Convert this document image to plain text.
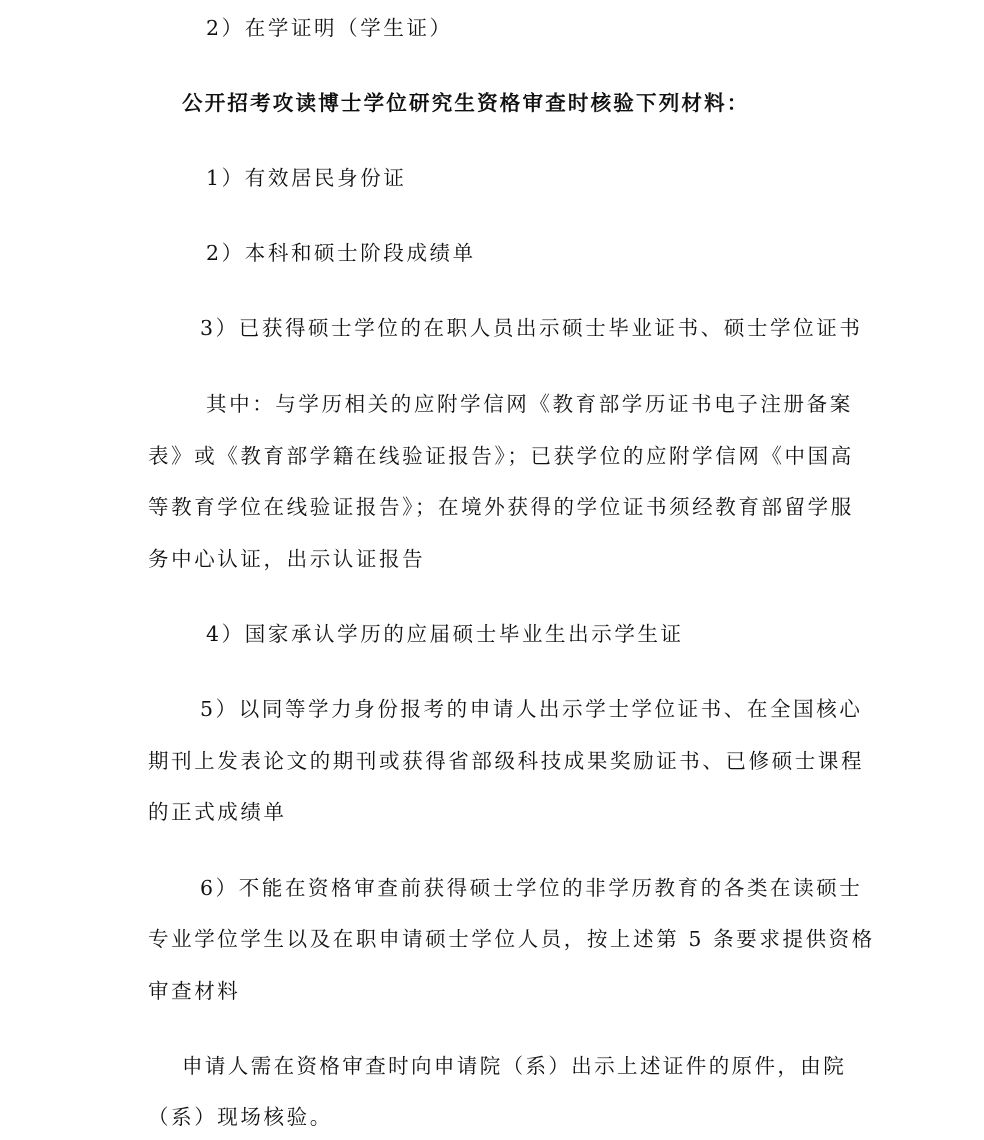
2）在学证明（学生证）
公开招考攻读博士学位研究生资格审查时核验下列材料：
1）有效居民身份证
2）本科和硕士阶段成绩单
3）已获得硕士学位的在职人员出示硕士毕业证书、硕士学位证书
其中：与学历相关的应附学信网《教育部学历证书电子注册备案
表》或《教育部学籍在线验证报告》；已获学位的应附学信网《中国高
等教育学位在线验证报告》；在境外获得的学位证书须经教育部留学服
务中心认证，出示认证报告
4）国家承认学历的应届硕士毕业生出示学生证
5）以同等学力身份报考的申请人出示学士学位证书、在全国核心
期刊上发表论文的期刊或获得省部级科技成果奖励证书、已修硕士课程
的正式成绩单
6）不能在资格审查前获得硕士学位的非学历教育的各类在读硕士
专业学位学生以及在职申请硕士学位人员，按上述第 5 条要求提供资格
审查材料
申请人需在资格审查时向申请院（系）出示上述证件的原件，由院
（系）现场核验。
